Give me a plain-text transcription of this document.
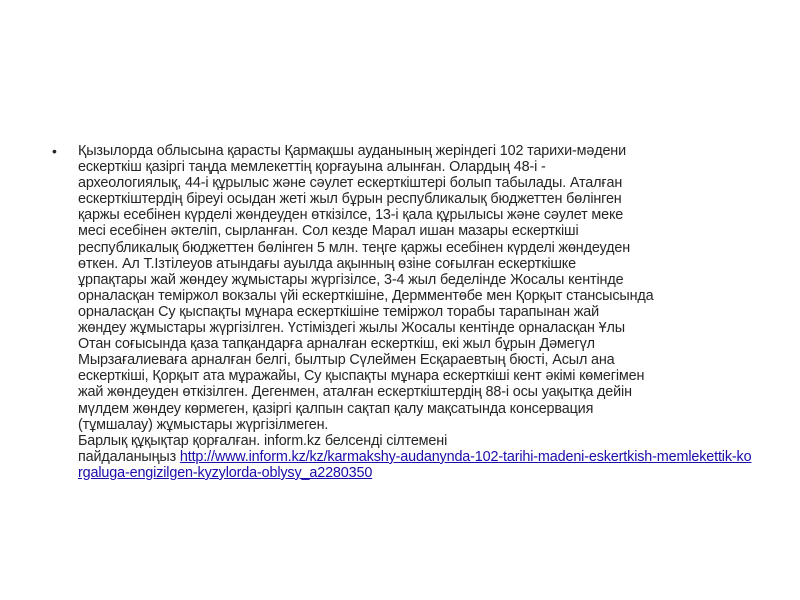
• Қызылорда облысына қарасты Қармақшы ауданының жеріндегі 102 тарихи-мәдени
ескерткіш қазіргі таңда мемлекеттің қорғауына алынған. Олардың 48-і -
археологиялық, 44-і құрылыс және сәулет ескерткіштері болып табылады. Аталған
ескерткіштердің біреуі осыдан жеті жыл бұрын республикалық бюджеттен бөлінген
қаржы есебінен күрделі жөндеуден өткізілсе, 13-і қала құрылысы және сәулет меке
месі есебінен әктеліп, сырланған. Сол кезде Марал ишан мазары ескерткіші
республикалық бюджеттен бөлінген 5 млн. теңге қаржы есебінен күрделі жөндеуден
өткен. Ал Т.Ізтілеуов атындағы ауылда ақынның өзіне соғылған ескерткішке
ұрпақтары жай жөндеу жұмыстары жүргізілсе, 3-4 жыл беделінде Жосалы кентінде
орналасқан теміржол вокзалы үйі ескерткішіне, Дермментөбе мен Қорқыт стансысында
орналасқан Су қыспақты мұнара ескерткішіне теміржол торабы тарапынан жай
жөндеу жұмыстары жүргізілген. Үстіміздегі жылы Жосалы кентінде орналасқан Ұлы
Отан соғысында қаза тапқандарға арналған ескерткіш, екі жыл бұрын Дәмегүл
Мырзағалиеваға арналған белгі, былтыр Сүлеймен Есқараевтың бюсті, Асыл ана
ескерткіші, Қорқыт ата мұражайы, Су қыспақты мұнара ескерткіші кент әкімі көмегімен
жай жөндеуден өткізілген. Дегенмен, аталған ескерткіштердің 88-і осы уақытқа дейін
мүлдем жөндеу көрмеген, қазіргі қалпын сақтап қалу мақсатында консервация
(тұмшалау) жұмыстары жүргізілмеген.
Барлық құқықтар қорғалған. inform.kz белсенді сілтемені
пайдаланыңыз http://www.inform.kz/kz/karmakshy-audanynda-102-tarihi-madeni-eskertkish-memlekettik-korgaluga-engizilgen-kyzylorda-oblysy_a2280350
